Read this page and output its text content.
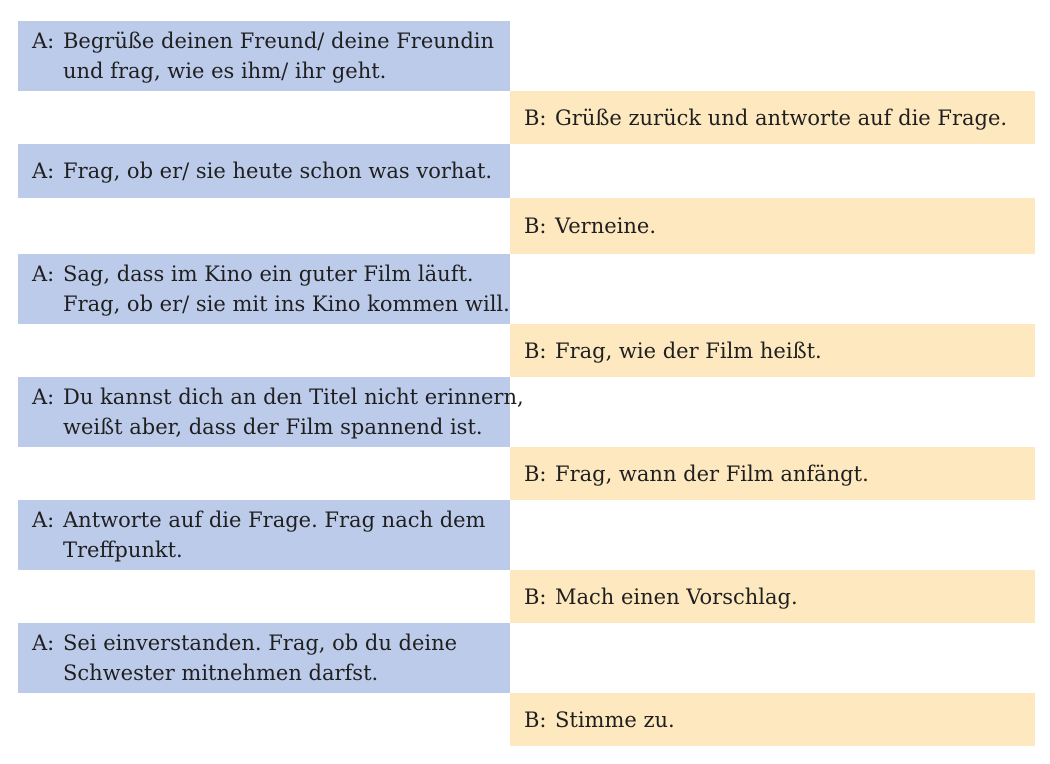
A: Begrüße deinen Freund/ deine Freundin
und frag, wie es ihm/ ihr geht.
B: Grüße zurück und antworte auf die Frage.
A: Frag, ob er/ sie heute schon was vorhat.
B: Verneine.
A: Sag, dass im Kino ein guter Film läuft.
Frag, ob er/ sie mit ins Kino kommen will.
B: Frag, wie der Film heißt.
A: Du kannst dich an den Titel nicht erinnern,
weißt aber, dass der Film spannend ist.
B: Frag, wann der Film anfängt.
A: Antworte auf die Frage. Frag nach dem
Treffpunkt.
B: Mach einen Vorschlag.
A: Sei einverstanden. Frag, ob du deine
Schwester mitnehmen darfst.
B: Stimme zu.
